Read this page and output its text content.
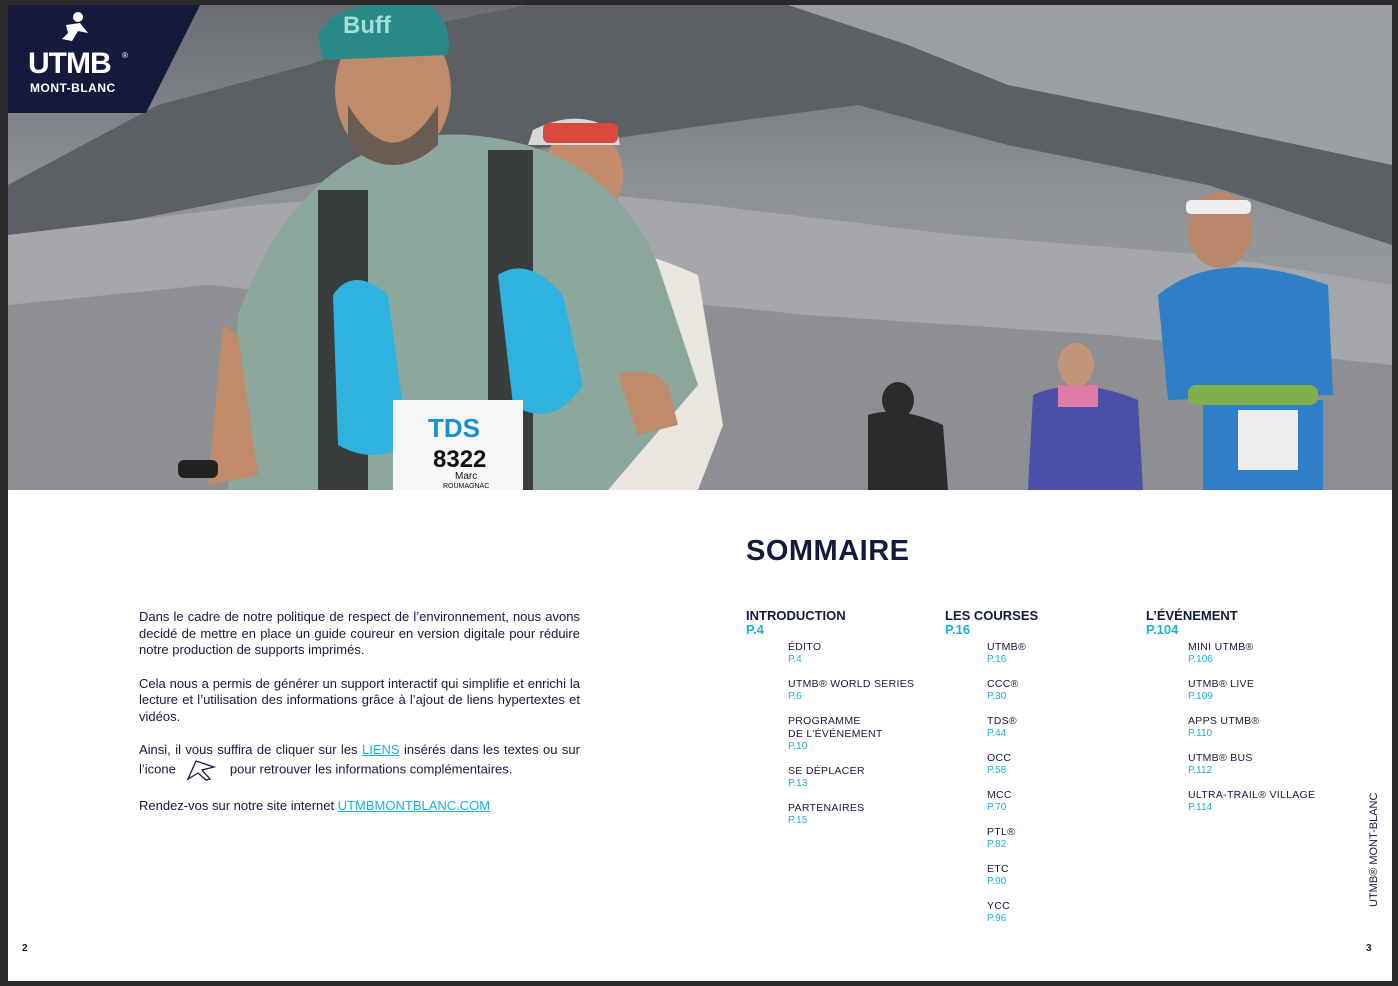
TDS
8322
Marc
ROUMAGNAC
Buff
UTMB ®
MONT-BLANC

Dans le cadre de notre politique de respect de l’environnement, nous avons decidé de mettre en place un guide coureur en version digitale pour réduire notre production de supports imprimés.

Cela nous a permis de générer un support interactif qui simplifie et enrichi la lecture et l’utilisation des informations grâce à l’ajout de liens hypertextes et vidéos.

Ainsi, il vous suffira de cliquer sur les LIENS insérés dans les textes ou sur l’icone	pour retrouver les informations complémentaires.

Rendez-vos sur notre site internet UTMBMONTBLANC.COM

SOMMAIRE
INTRODUCTION
P.4
ÉDITO
P.4
UTMB® WORLD SERIES
P.6
PROGRAMME
DE L’ÉVÉNEMENT
P.10
SE DÉPLACER
P.13
PARTENAIRES
P.15
LES COURSES
P.16
UTMB®
P.16
CCC®
P.30
TDS®
P.44
OCC
P.58
MCC
P.70
PTL®
P.82
ETC
P.90
YCC
P.96
L’ÉVÉNEMENT
P.104
MINI UTMB®
P.106
UTMB® LIVE
P.109
APPS UTMB®
P.110
UTMB® BUS
P.112
ULTRA-TRAIL® VILLAGE
P.114	UTMB® MONT-BLANC
2	3
